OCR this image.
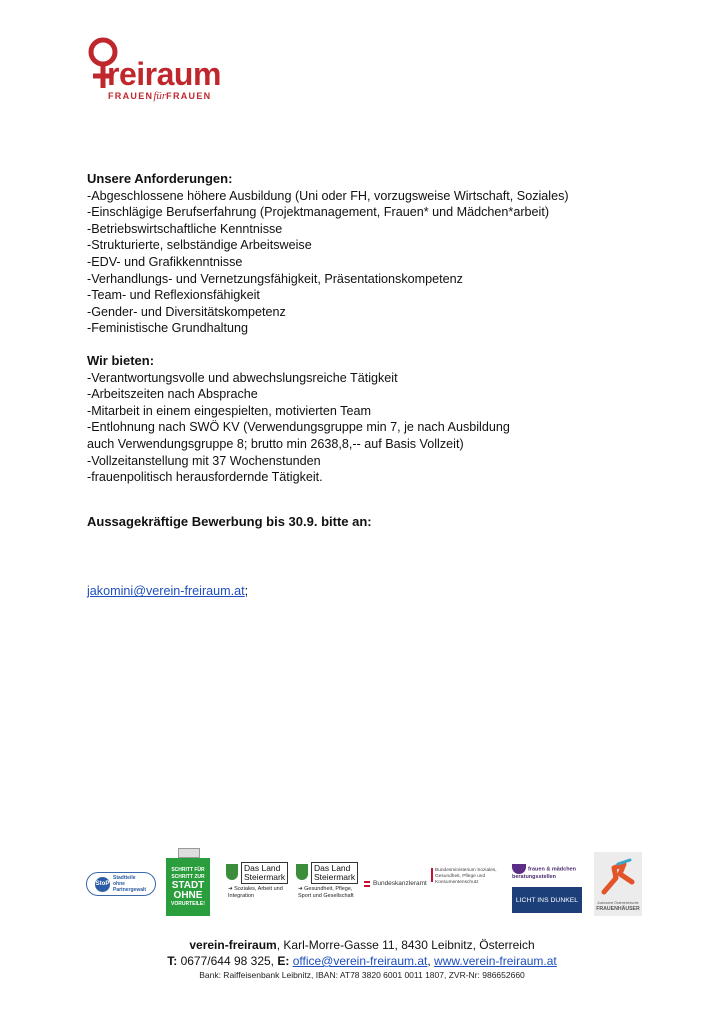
reiraum
FRAUENfürFRAUEN
Unsere Anforderungen:
-Abgeschlossene höhere Ausbildung (Uni oder FH, vorzugsweise Wirtschaft, Soziales)
-Einschlägige Berufserfahrung (Projektmanagement, Frauen* und Mädchen*arbeit)
-Betriebswirtschaftliche Kenntnisse
-Strukturierte, selbständige Arbeitsweise
-EDV- und Grafikkenntnisse
-Verhandlungs- und Vernetzungsfähigkeit, Präsentationskompetenz
-Team- und Reflexionsfähigkeit
-Gender- und Diversitätskompetenz
-Feministische Grundhaltung
Wir bieten:
-Verantwortungsvolle und abwechslungsreiche Tätigkeit
-Arbeitszeiten nach Absprache
-Mitarbeit in einem eingespielten, motivierten Team
-Entlohnung nach SWÖ KV (Verwendungsgruppe min 7, je nach Ausbildung auch Verwendungsgruppe 8; brutto min 2638,8,-- auf Basis Vollzeit)
-Vollzeitanstellung mit 37 Wochenstunden
-frauenpolitisch herausfordernde Tätigkeit.
Aussagekräftige Bewerbung bis 30.9. bitte an:
jakomini@verein-freiraum.at;
StoP
Stadtteile ohne Partnergewalt
SCHRITT FÜR SCHRITT ZUR
STADT
OHNE
VORURTEILE!
Das Land
Steiermark
➜ Soziales, Arbeit und Integration
Das Land
Steiermark
➜ Gesundheit, Pflege, Sport und Gesellschaft
Bundeskanzleramt
Bundesministerium Soziales, Gesundheit, Pflege und Konsumentenschutz
frauen & mädchen beratungsstellen
LICHT INS DUNKEL	Autonome Österreichische
FRAUENHÄUSER
verein-freiraum, Karl-Morre-Gasse 11, 8430 Leibnitz, Österreich
T: 0677/644 98 325, E: office@verein-freiraum.at, www.verein-freiraum.at
Bank: Raiffeisenbank Leibnitz, IBAN: AT78 3820 6001 0011 1807, ZVR-Nr: 986652660
